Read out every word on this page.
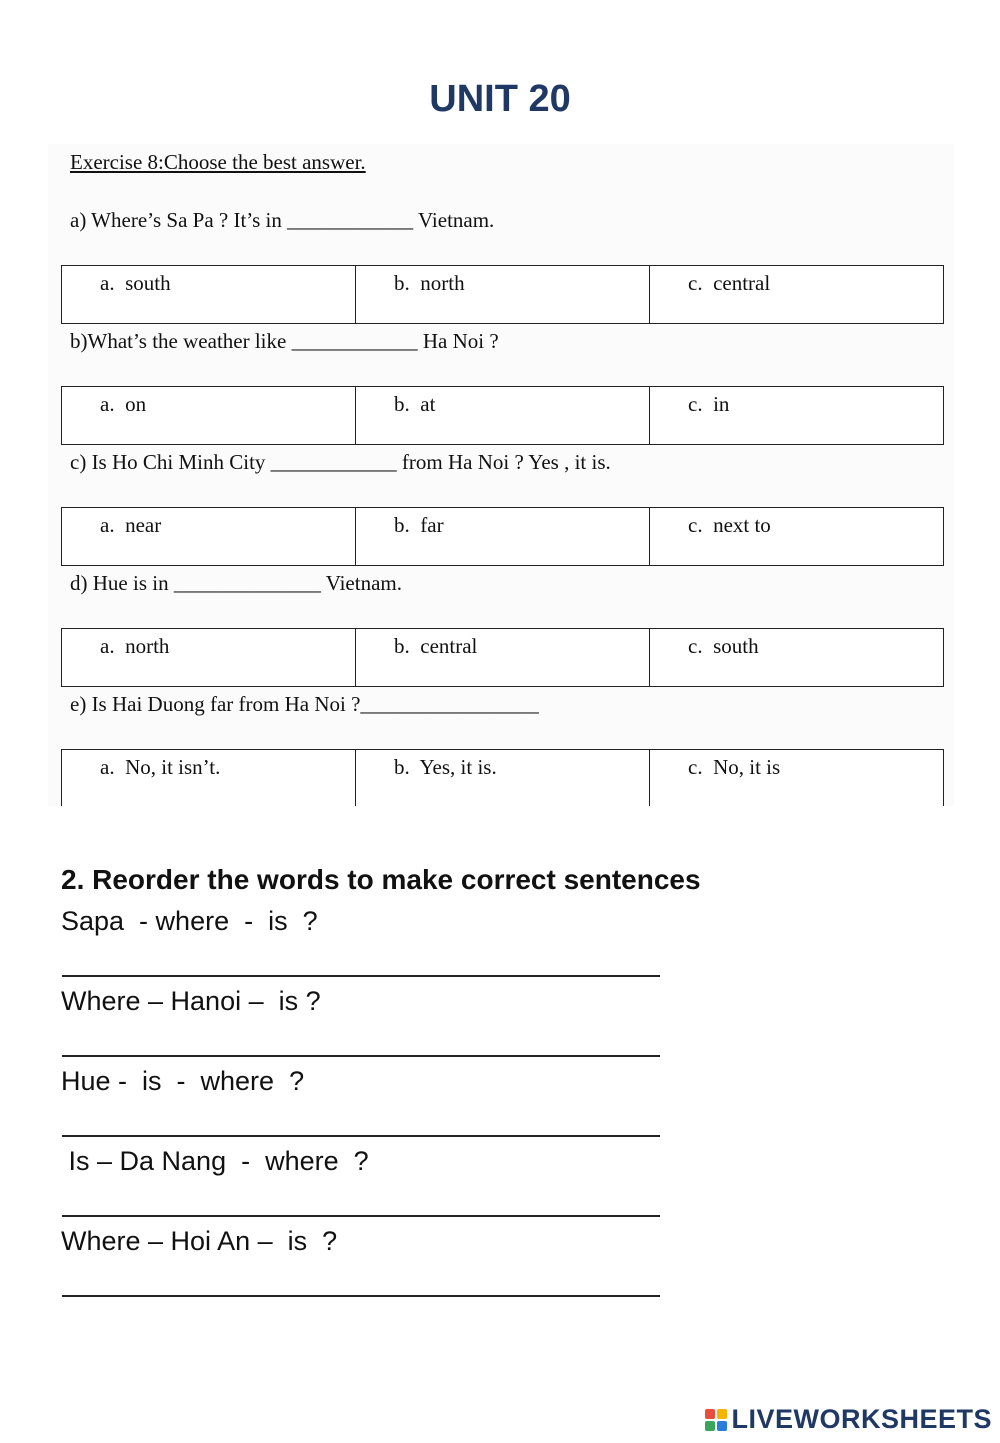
UNIT 20
Exercise 8:Choose the best answer.
a) Where’s Sa Pa ? It’s in ____________ Vietnam.
a.  south	b.  north	c.  central
b)What’s the weather like ____________ Ha Noi ?
a.  on	b.  at	c.  in
c) Is Ho Chi Minh City ____________ from Ha Noi ? Yes , it is.
a.  near	b.  far	c.  next to
d) Hue is in ______________ Vietnam.
a.  north	b.  central	c.  south
e) Is Hai Duong far from Ha Noi ?_________________
a.  No, it isn’t.	b.  Yes, it is.	c.  No, it is
2. Reorder the words to make correct sentences
Sapa  - where  -  is  ?
Where – Hanoi –  is ?
Hue -  is  -  where  ?
Is – Da Nang  -  where  ?
Where – Hoi An –  is  ?
LIVEWORKSHEETS
